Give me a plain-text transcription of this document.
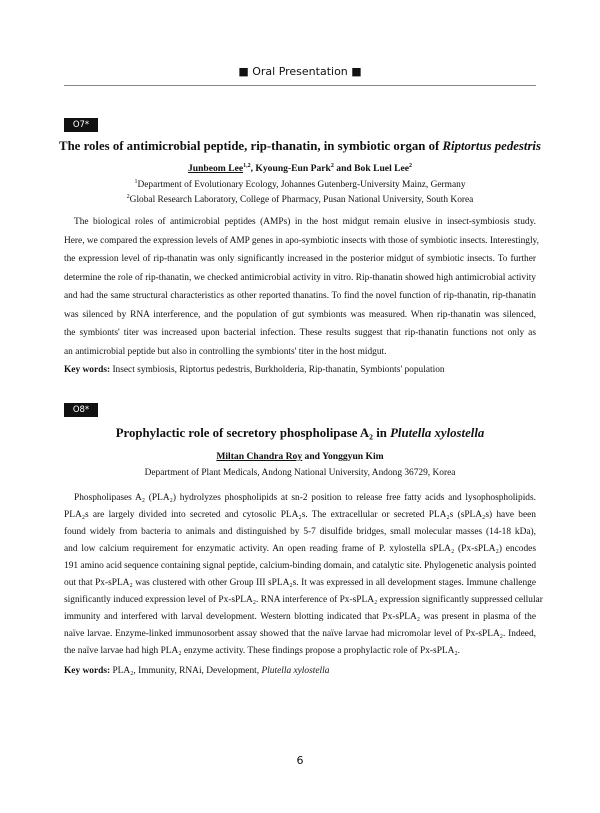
■ Oral Presentation ■
O7*
The roles of antimicrobial peptide, rip-thanatin, in symbiotic organ of Riptortus pedestris
Junbeom Lee$^{1,2}$, Kyoung-Eun Park$^2$ and Bok Luel Lee$^2$
$^1$Department of Evolutionary Ecology, Johannes Gutenberg-University Mainz, Germany
$^2$Global Research Laboratory, College of Pharmacy, Pusan National University, South Korea
The biological roles of antimicrobial peptides (AMPs) in the host midgut remain elusive in insect-symbiosis study.
Here, we compared the expression levels of AMP genes in apo-symbiotic insects with those of symbiotic insects. Interestingly,
the expression level of rip-thanatin was only significantly increased in the posterior midgut of symbiotic insects. To further
determine the role of rip-thanatin, we checked antimicrobial activity in vitro. Rip-thanatin showed high antimicrobial activity
and had the same structural characteristics as other reported thanatins. To find the novel function of rip-thanatin, rip-thanatin
was silenced by RNA interference, and the population of gut symbionts was measured. When rip-thanatin was silenced,
the symbionts' titer was increased upon bacterial infection. These results suggest that rip-thanatin functions not only as
an antimicrobial peptide but also in controlling the symbionts' titer in the host midgut.
Key words: Insect symbiosis, Riptortus pedestris, Burkholderia, Rip-thanatin, Symbionts' population
O8*
Prophylactic role of secretory phospholipase A₂ in Plutella xylostella
Miltan Chandra Roy and Yonggyun Kim
Department of Plant Medicals, Andong National University, Andong 36729, Korea
Phospholipases A₂ (PLA₂) hydrolyzes phospholipids at sn-2 position to release free fatty acids and lysophospholipids.
PLA₂s are largely divided into secreted and cytosolic PLA₂s. The extracellular or secreted PLA₂s (sPLA₂s) have been
found widely from bacteria to animals and distinguished by 5-7 disulfide bridges, small molecular masses (14-18 kDa),
and low calcium requirement for enzymatic activity. An open reading frame of P. xylostella sPLA₂ (Px-sPLA₂) encodes
191 amino acid sequence containing signal peptide, calcium-binding domain, and catalytic site. Phylogenetic analysis pointed
out that Px-sPLA₂ was clustered with other Group III sPLA₂s. It was expressed in all development stages. Immune challenge
significantly induced expression level of Px-sPLA₂. RNA interference of Px-sPLA₂ expression significantly suppressed cellular
immunity and interfered with larval development. Western blotting indicated that Px-sPLA₂ was present in plasma of the
naïve larvae. Enzyme-linked immunosorbent assay showed that the naïve larvae had micromolar level of Px-sPLA₂. Indeed,
the naïve larvae had high PLA₂ enzyme activity. These findings propose a prophylactic role of Px-sPLA₂.
Key words: PLA₂, Immunity, RNAi, Development, Plutella xylostella
6
